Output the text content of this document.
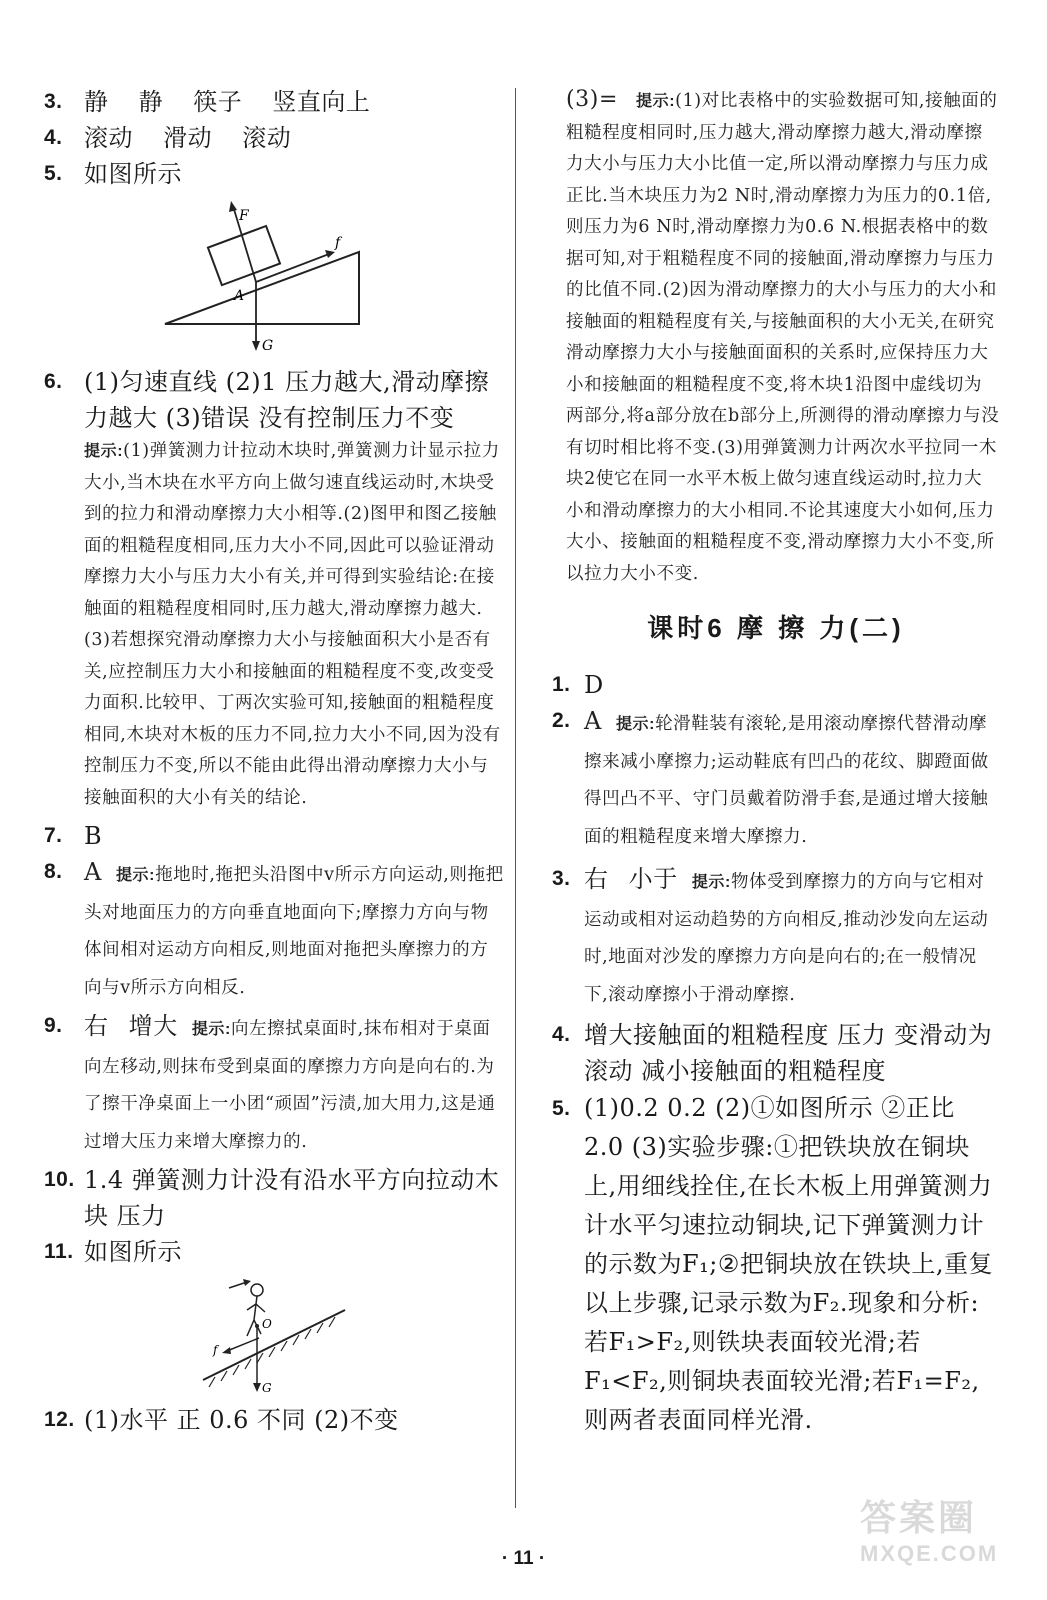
3. 静 静 筷子 竖直向上
4. 滚动 滑动 滚动
5. 如图所示
F
f
A
G
6. (1)匀速直线 (2)1 压力越大,滑动摩擦
力越大 (3)错误 没有控制压力不变
提示:(1)弹簧测力计拉动木块时,弹簧测力计显示拉力大小,当木块在水平方向上做匀速直线运动时,木块受到的拉力和滑动摩擦力大小相等.(2)图甲和图乙接触面的粗糙程度相同,压力大小不同,因此可以验证滑动摩擦力大小与压力大小有关,并可得到实验结论:在接触面的粗糙程度相同时,压力越大,滑动摩擦力越大.(3)若想探究滑动摩擦力大小与接触面积大小是否有关,应控制压力大小和接触面的粗糙程度不变,改变受力面积.比较甲、丁两次实验可知,接触面的粗糙程度相同,木块对木板的压力不同,拉力大小不同,因为没有控制压力不变,所以不能由此得出滑动摩擦力大小与接触面积的大小有关的结论.
7. B
8. A 提示:拖地时,拖把头沿图中v所示方向运动,则拖把头对地面压力的方向垂直地面向下;摩擦力方向与物体间相对运动方向相反,则地面对拖把头摩擦力的方向与v所示方向相反.
9. 右 增大 提示:向左擦拭桌面时,抹布相对于桌面向左移动,则抹布受到桌面的摩擦力方向是向右的.为了擦干净桌面上一小团“顽固”污渍,加大用力,这是通过增大压力来增大摩擦力的.
10. 1.4 弹簧测力计没有沿水平方向拉动木
块 压力
11. 如图所示
O
f
G
12. (1)水平 正 0.6 不同 (2)不变
(3)= 提示:(1)对比表格中的实验数据可知,接触面的粗糙程度相同时,压力越大,滑动摩擦力越大,滑动摩擦力大小与压力大小比值一定,所以滑动摩擦力与压力成正比.当木块压力为2 N时,滑动摩擦力为压力的0.1倍,则压力为6 N时,滑动摩擦力为0.6 N.根据表格中的数据可知,对于粗糙程度不同的接触面,滑动摩擦力与压力的比值不同.(2)因为滑动摩擦力的大小与压力的大小和接触面的粗糙程度有关,与接触面积的大小无关,在研究滑动摩擦力大小与接触面面积的关系时,应保持压力大小和接触面的粗糙程度不变,将木块1沿图中虚线切为两部分,将a部分放在b部分上,所测得的滑动摩擦力与没有切时相比将不变.(3)用弹簧测力计两次水平拉同一木块2使它在同一水平木板上做匀速直线运动时,拉力大小和滑动摩擦力的大小相同.不论其速度大小如何,压力大小、接触面的粗糙程度不变,滑动摩擦力大小不变,所以拉力大小不变.
课时6 摩 擦 力(二)
1. D
2. A 提示:轮滑鞋装有滚轮,是用滚动摩擦代替滑动摩擦来减小摩擦力;运动鞋底有凹凸的花纹、脚蹬面做得凹凸不平、守门员戴着防滑手套,是通过增大接触面的粗糙程度来增大摩擦力.
3. 右 小于 提示:物体受到摩擦力的方向与它相对运动或相对运动趋势的方向相反,推动沙发向左运动时,地面对沙发的摩擦力方向是向右的;在一般情况下,滚动摩擦小于滑动摩擦.
4. 增大接触面的粗糙程度 压力 变滑动为滚动 减小接触面的粗糙程度
5. (1)0.2 0.2 (2)①如图所示 ②正比 2.0 (3)实验步骤:①把铁块放在铜块上,用细线拴住,在长木板上用弹簧测力计水平匀速拉动铜块,记下弹簧测力计的示数为F₁;②把铜块放在铁块上,重复以上步骤,记录示数为F₂.现象和分析:若F₁>F₂,则铁块表面较光滑;若F₁<F₂,则铜块表面较光滑;若F₁=F₂,则两者表面同样光滑.
· 11 ·
答案圈
MXQE.COM
